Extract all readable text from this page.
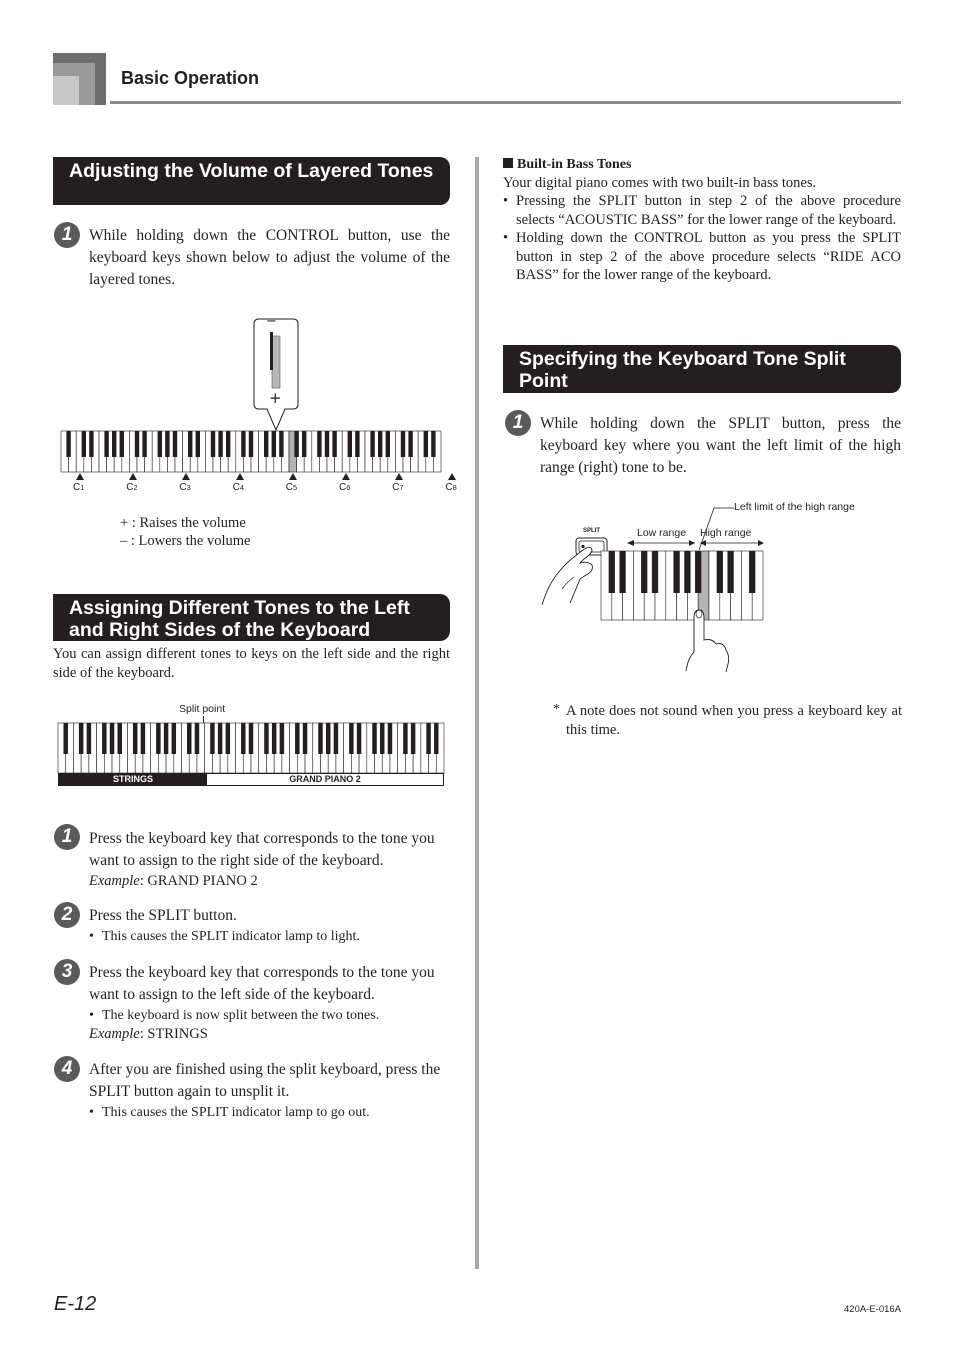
Basic Operation
Adjusting the Volume of Layered Tones
1	While holding down the CONTROL button, use the keyboard keys shown below to adjust the volume of the layered tones.
−
+
C1	C2	C3	C4	C5	C6	C7	C8
+ : Raises the volume
– : Lowers the volume
Assigning Different Tones to the Left and Right Sides of the Keyboard
You can assign different tones to keys on the left side and the right side of the keyboard.
Split point
STRINGS	GRAND PIANO 2
1	Press the keyboard key that corresponds to the tone you want to assign to the right side of the keyboard.
Example: GRAND PIANO 2
2	Press the SPLIT button.
• This causes the SPLIT indicator lamp to light.
3	Press the keyboard key that corresponds to the tone you want to assign to the left side of the keyboard.
• The keyboard is now split between the two tones.
Example: STRINGS
4	After you are finished using the split keyboard, press the SPLIT button again to unsplit it.
• This causes the SPLIT indicator lamp to go out.
Built-in Bass Tones
Your digital piano comes with two built-in bass tones.
• Pressing the SPLIT button in step 2 of the above procedure selects “ACOUSTIC BASS” for the lower range of the keyboard.
• Holding down the CONTROL button as you press the SPLIT button in step 2 of the above procedure selects “RIDE ACO BASS” for the lower range of the keyboard.
Specifying the Keyboard Tone Split Point
1	While holding down the SPLIT button, press the keyboard key where you want the left limit of the high range (right) tone to be.
Left limit of the high range
Low range High range
SPLIT
* A note does not sound when you press a keyboard key at this time.
E-12	420A-E-016A
